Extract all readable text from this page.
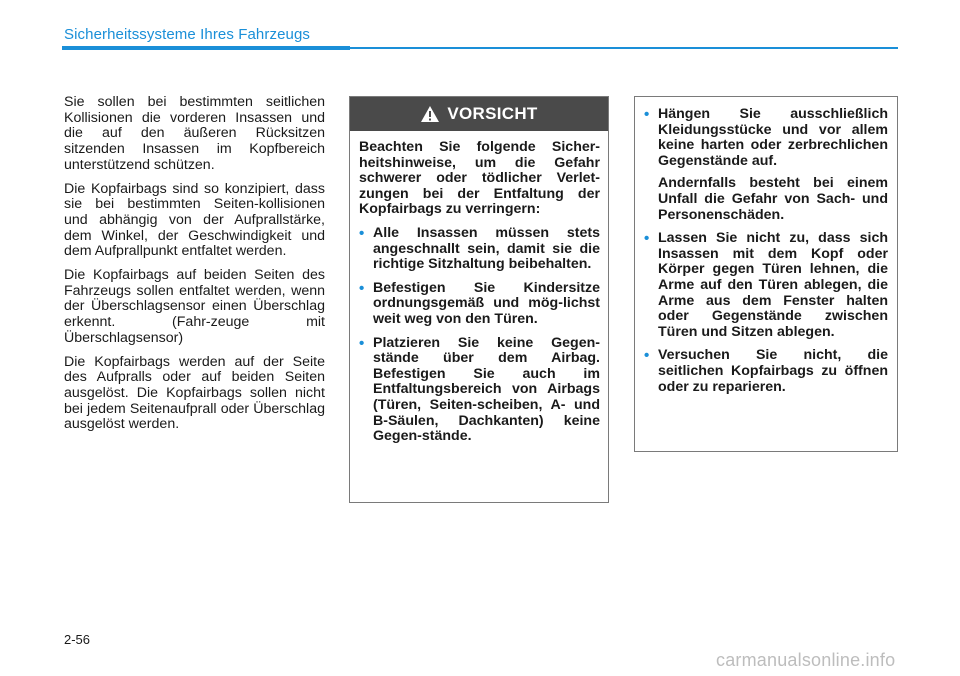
Sicherheitssysteme Ihres Fahrzeugs

Sie sollen bei bestimmten seitlichen Kollisionen die vorderen Insassen und die auf den äußeren Rücksitzen sitzenden Insassen im Kopfbereich unterstützend schützen.

Die Kopfairbags sind so konzipiert, dass sie bei bestimmten Seiten-kollisionen und abhängig von der Aufprallstärke, dem Winkel, der Geschwindigkeit und dem Aufprallpunkt entfaltet werden.

Die Kopfairbags auf beiden Seiten des Fahrzeugs sollen entfaltet werden, wenn der Überschlagsensor einen Überschlag erkennt. (Fahr-zeuge mit Überschlagsensor)

Die Kopfairbags werden auf der Seite des Aufpralls oder auf beiden Seiten ausgelöst. Die Kopfairbags sollen nicht bei jedem Seitenaufprall oder Überschlag ausgelöst werden.

VORSICHT

Beachten Sie folgende Sicher-heitshinweise, um die Gefahr schwerer oder tödlicher Verlet-zungen bei der Entfaltung der Kopfairbags zu verringern:

• Alle Insassen müssen stets angeschnallt sein, damit sie die richtige Sitzhaltung beibehalten.
• Befestigen Sie Kindersitze ordnungsgemäß und mög-lichst weit weg von den Türen.
• Platzieren Sie keine Gegen-stände über dem Airbag. Befestigen Sie auch im Entfaltungsbereich von Airbags (Türen, Seiten-scheiben, A- und B-Säulen, Dachkanten) keine Gegen-stände.
• Hängen Sie ausschließlich Kleidungsstücke und vor allem keine harten oder zerbrechlichen Gegenstände auf.

Andernfalls besteht bei einem Unfall die Gefahr von Sach- und Personenschäden.

• Lassen Sie nicht zu, dass sich Insassen mit dem Kopf oder Körper gegen Türen lehnen, die Arme auf den Türen ablegen, die Arme aus dem Fenster halten oder Gegenstände zwischen Türen und Sitzen ablegen.
• Versuchen Sie nicht, die seitlichen Kopfairbags zu öffnen oder zu reparieren.
2-56
carmanualsonline.info
